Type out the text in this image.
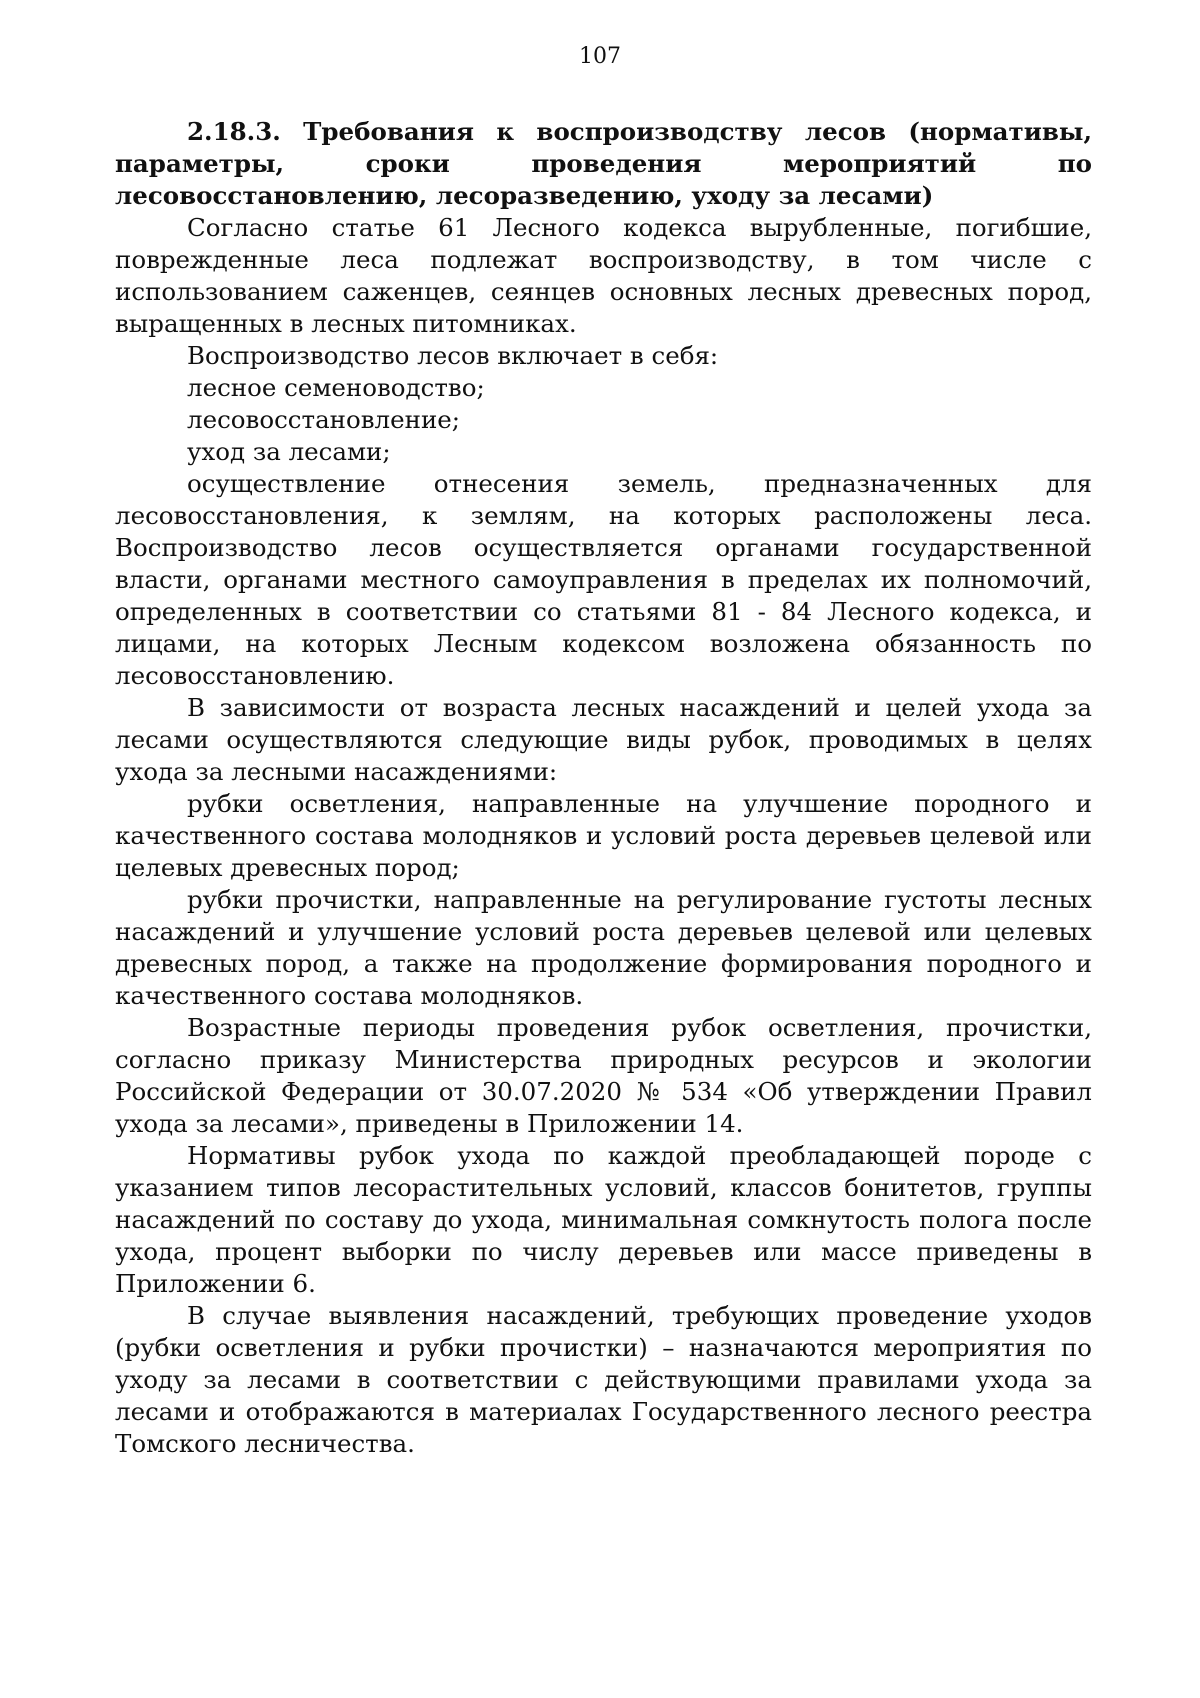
107

2.18.3. Требования к воспроизводству лесов (нормативы, параметры, сроки проведения мероприятий по лесовосстановлению, лесоразведению, уходу за лесами)

Согласно статье 61 Лесного кодекса вырубленные, погибшие, поврежденные леса подлежат воспроизводству, в том числе с использованием саженцев, сеянцев основных лесных древесных пород, выращенных в лесных питомниках.

Воспроизводство лесов включает в себя:

лесное семеноводство;

лесовосстановление;

уход за лесами;

осуществление отнесения земель, предназначенных для лесовосстановления, к землям, на которых расположены леса. Воспроизводство лесов осуществляется органами государственной власти, органами местного самоуправления в пределах их полномочий, определенных в соответствии со статьями 81 - 84 Лесного кодекса, и лицами, на которых Лесным кодексом возложена обязанность по лесовосстановлению.

В зависимости от возраста лесных насаждений и целей ухода за лесами осуществляются следующие виды рубок, проводимых в целях ухода за лесными насаждениями:

рубки осветления, направленные на улучшение породного и качественного состава молодняков и условий роста деревьев целевой или целевых древесных пород;

рубки прочистки, направленные на регулирование густоты лесных насаждений и улучшение условий роста деревьев целевой или целевых древесных пород, а также на продолжение формирования породного и качественного состава молодняков.

Возрастные периоды проведения рубок осветления, прочистки, согласно приказу Министерства природных ресурсов и экологии Российской Федерации от 30.07.2020 № 534 «Об утверждении Правил ухода за лесами», приведены в Приложении 14.

Нормативы рубок ухода по каждой преобладающей породе с указанием типов лесорастительных условий, классов бонитетов, группы насаждений по составу до ухода, минимальная сомкнутость полога после ухода, процент выборки по числу деревьев или массе приведены в Приложении 6.

В случае выявления насаждений, требующих проведение уходов (рубки осветления и рубки прочистки) – назначаются мероприятия по уходу за лесами в соответствии с действующими правилами ухода за лесами и отображаются в материалах Государственного лесного реестра Томского лесничества.
